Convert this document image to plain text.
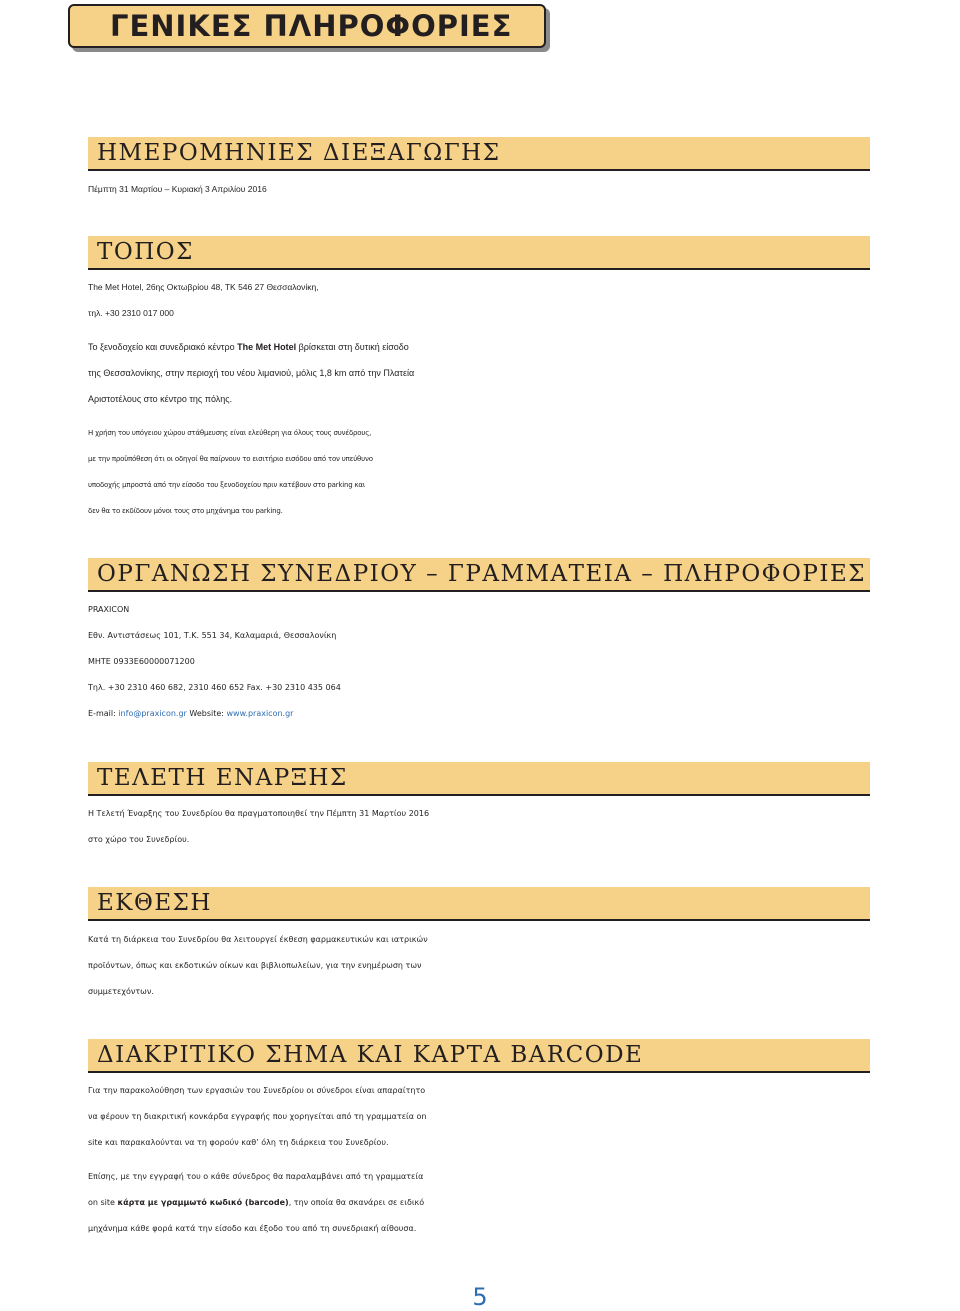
ΓΕΝΙΚΕΣ ΠΛΗΡΟΦΟΡΙΕΣ
ΗΜΕΡΟΜΗΝΙΕΣ ΔΙΕΞΑΓΩΓΗΣ
Πέμπτη 31 Μαρτίου – Κυριακή 3 Απριλίου 2016
ΤΟΠΟΣ
The Met Hotel, 26ης Οκτωβρίου 48, ΤΚ 546 27 Θεσσαλονίκη,
τηλ. +30 2310 017 000
Το ξενοδοχείο και συνεδριακό κέντρο The Met Hotel βρίσκεται στη δυτική είσοδο
της Θεσσαλονίκης, στην περιοχή του νέου λιμανιού, μόλις 1,8 km από την Πλατεία
Αριστοτέλους στο κέντρο της πόλης.
Η χρήση του υπόγειου χώρου στάθμευσης είναι ελεύθερη για όλους τους συνέδρους,
με την προϋπόθεση ότι οι οδηγοί θα παίρνουν το εισιτήριο εισόδου από τον υπεύθυνο
υποδοχής μπροστά από την είσοδο του ξενοδοχείου πριν κατέβουν στο parking και
δεν θα το εκδίδουν μόνοι τους στο μηχάνημα του parking.
ΟΡΓΑΝΩΣΗ ΣΥΝΕΔΡΙΟΥ – ΓΡΑΜΜΑΤΕΙΑ – ΠΛΗΡΟΦΟΡΙΕΣ
PRAXICON
Εθν. Αντιστάσεως 101, Τ.Κ. 551 34, Καλαμαριά, Θεσσαλονίκη
ΜΗΤΕ 0933Ε60000071200
Τηλ. +30 2310 460 682, 2310 460 652 Fax. +30 2310 435 064
E-mail: info@praxicon.gr Website: www.praxicon.gr
ΤΕΛΕΤΗ ΕΝΑΡΞΗΣ
Η Τελετή Έναρξης του Συνεδρίου θα πραγματοποιηθεί την Πέμπτη 31 Μαρτίου 2016
στο χώρο του Συνεδρίου.
ΕΚΘΕΣΗ
Κατά τη διάρκεια του Συνεδρίου θα λειτουργεί έκθεση φαρμακευτικών και ιατρικών
προϊόντων, όπως και εκδοτικών οίκων και βιβλιοπωλείων, για την ενημέρωση των
συμμετεχόντων.
ΔΙΑΚΡΙΤΙΚΟ ΣΗΜΑ ΚΑΙ ΚΑΡΤΑ BARCODE
Για την παρακολούθηση των εργασιών του Συνεδρίου οι σύνεδροι είναι απαραίτητο
να φέρουν τη διακριτική κονκάρδα εγγραφής που χορηγείται από τη γραμματεία on
site και παρακαλούνται να τη φορούν καθ’ όλη τη διάρκεια του Συνεδρίου.
Επίσης, με την εγγραφή του ο κάθε σύνεδρος θα παραλαμβάνει από τη γραμματεία
on site κάρτα με γραμμωτό κωδικό (barcode), την οποία θα σκανάρει σε ειδικό
μηχάνημα κάθε φορά κατά την είσοδο και έξοδο του από τη συνεδριακή αίθουσα.
5
